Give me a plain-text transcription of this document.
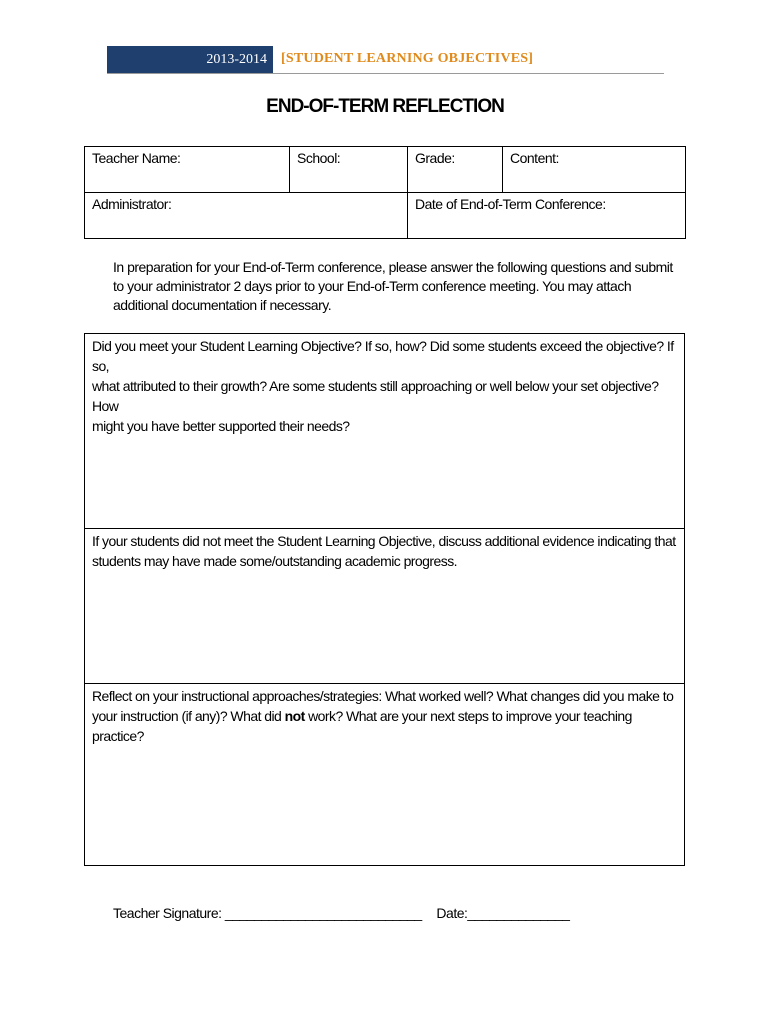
2013-2014	[STUDENT LEARNING OBJECTIVES]
END-OF-TERM REFLECTION
Teacher Name:	School:	Grade:	Content:
Administrator:		Date of End-of-Term Conference:	
In preparation for your End-of-Term conference, please answer the following questions and submit
to your administrator 2 days prior to your End-of-Term conference meeting. You may attach
additional documentation if necessary.
Did you meet your Student Learning Objective? If so, how? Did some students exceed the objective? If so,
what attributed to their growth? Are some students still approaching or well below your set objective? How
might you have better supported their needs?
If your students did not meet the Student Learning Objective, discuss additional evidence indicating that
students may have made some/outstanding academic progress.
Reflect on your instructional approaches/strategies: What worked well? What changes did you make to
your instruction (if any)? What did not work? What are your next steps to improve your teaching practice?
Teacher Signature: ___________________________ Date:______________
